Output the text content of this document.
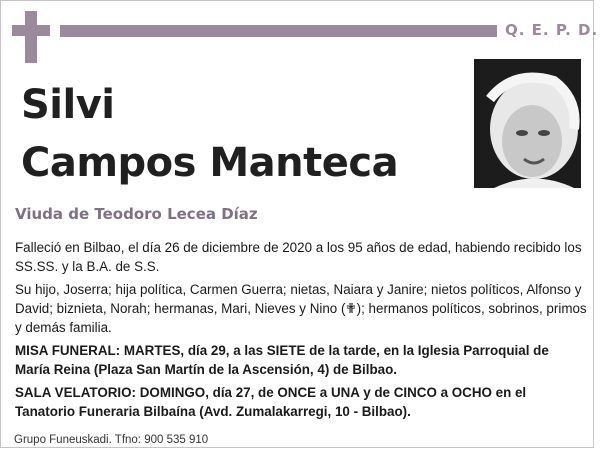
Q. E. P. D.
Silvi
Campos Manteca
Viuda de Teodoro Lecea Díaz

Falleció en Bilbao, el día 26 de diciembre de 2020 a los 95 años de edad, habiendo recibido los SS.SS. y la B.A. de S.S.

Su hijo, Joserra; hija política, Carmen Guerra; nietas, Naiara y Janire; nietos políticos, Alfonso y David; biznieta, Norah; hermanas, Mari, Nieves y Nino (✟); hermanos políticos, sobrinos, primos y demás familia.

MISA FUNERAL: MARTES, día 29, a las SIETE de la tarde, en la Iglesia Parroquial de María Reina (Plaza San Martín de la Ascensión, 4) de Bilbao.

SALA VELATORIO: DOMINGO, día 27, de ONCE a UNA y de CINCO a OCHO en el Tanatorio Funeraria Bilbaína (Avd. Zumalakarregi, 10 - Bilbao).

Grupo Funeuskadi. Tfno: 900 535 910
